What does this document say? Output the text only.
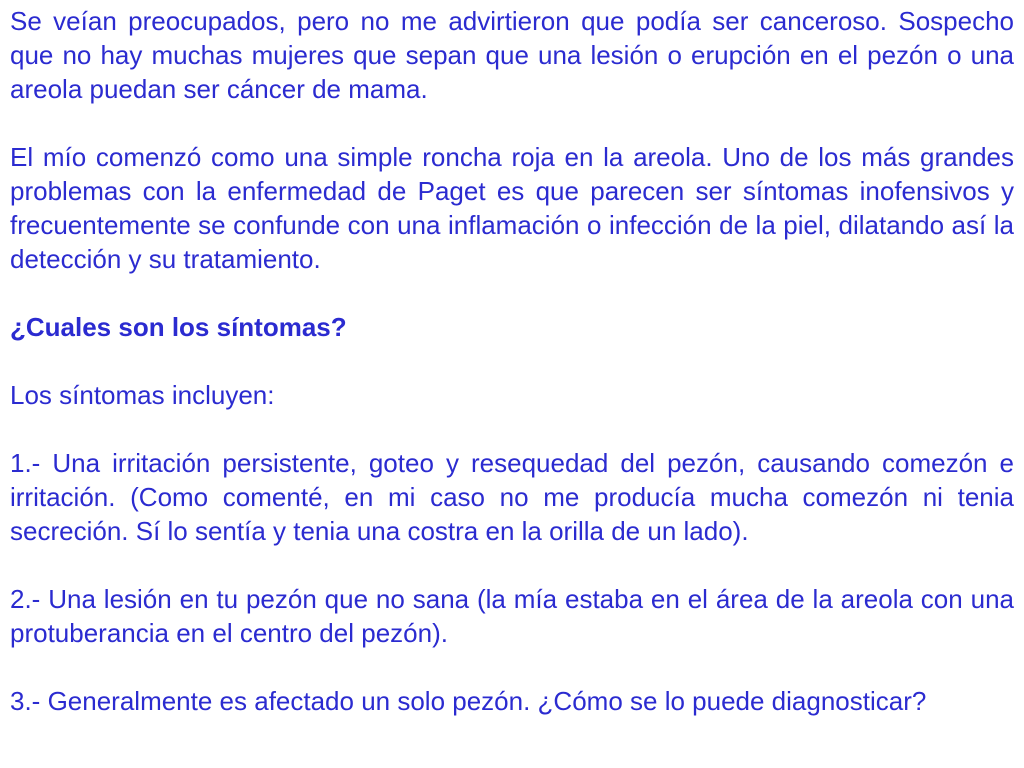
Se veían preocupados, pero no me advirtieron que podía ser canceroso. Sospecho que no hay muchas mujeres que sepan que una lesión o erupción en el pezón o una areola puedan ser cáncer de mama.

El mío comenzó como una simple roncha roja en la areola. Uno de los más grandes problemas con la enfermedad de Paget es que parecen ser síntomas inofensivos y frecuentemente se confunde con una inflamación o infección de la piel, dilatando así la detección y su tratamiento.

¿Cuales son los síntomas?

Los síntomas incluyen:

1.- Una irritación persistente, goteo y resequedad del pezón, causando comezón e irritación. (Como comenté, en mi caso no me producía mucha comezón ni tenia secreción. Sí lo sentía y tenia una costra en la orilla de un lado).

2.- Una lesión en tu pezón que no sana (la mía estaba en el área de la areola con una protuberancia en el centro del pezón).

3.- Generalmente es afectado un solo pezón. ¿Cómo se lo puede diagnosticar?
